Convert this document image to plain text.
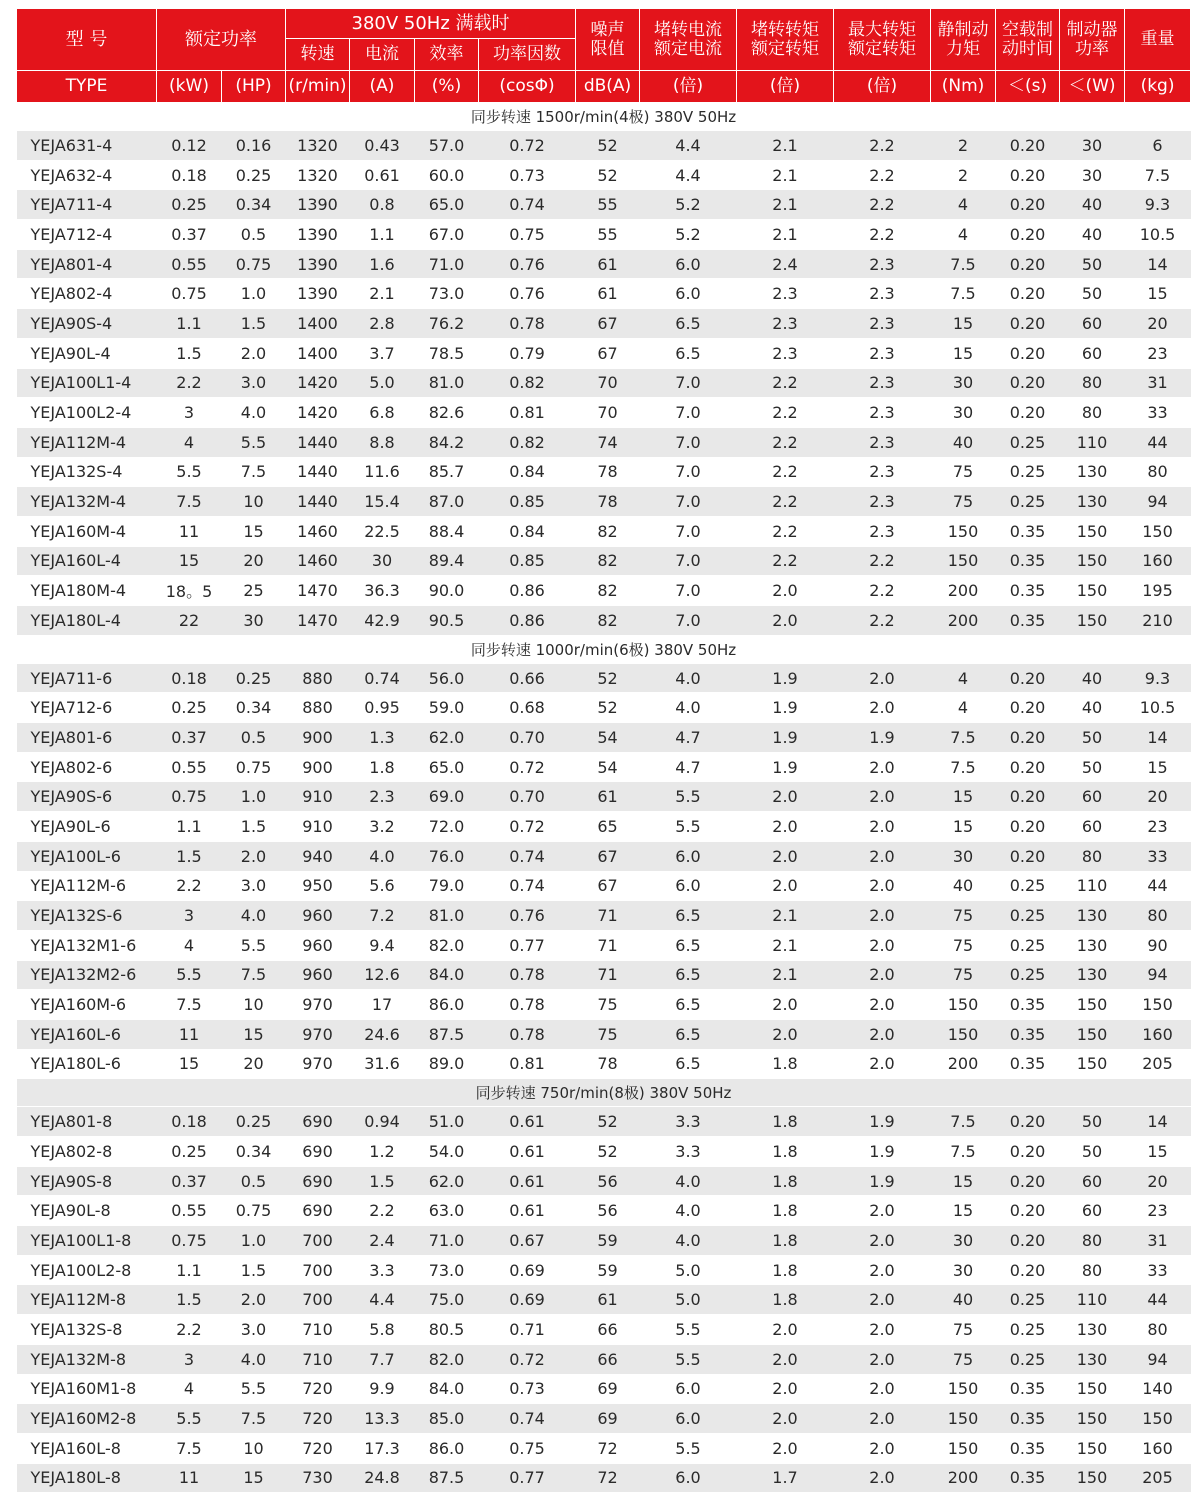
型 号	额定功率		380V 50Hz 满载时				噪声限值	堵转电流额定电流	堵转转矩额定转矩	最大转矩额定转矩	静制动力矩	空载制动时间	制动器功率	重量
			转速	电流	效率	功率因数								
TYPE	(kW)	(HP)	(r/min)	(A)	(%)	(cosΦ)	dB(A)	(倍)	(倍)	(倍)	(Nm)	＜(s)	＜(W)	(kg)
同步转速 1500r/min(4极) 380V 50Hz														
YEJA631-4	0.12	0.16	1320	0.43	57.0	0.72	52	4.4	2.1	2.2	2	0.20	30	6
YEJA632-4	0.18	0.25	1320	0.61	60.0	0.73	52	4.4	2.1	2.2	2	0.20	30	7.5
YEJA711-4	0.25	0.34	1390	0.8	65.0	0.74	55	5.2	2.1	2.2	4	0.20	40	9.3
YEJA712-4	0.37	0.5	1390	1.1	67.0	0.75	55	5.2	2.1	2.2	4	0.20	40	10.5
YEJA801-4	0.55	0.75	1390	1.6	71.0	0.76	61	6.0	2.4	2.3	7.5	0.20	50	14
YEJA802-4	0.75	1.0	1390	2.1	73.0	0.76	61	6.0	2.3	2.3	7.5	0.20	50	15
YEJA90S-4	1.1	1.5	1400	2.8	76.2	0.78	67	6.5	2.3	2.3	15	0.20	60	20
YEJA90L-4	1.5	2.0	1400	3.7	78.5	0.79	67	6.5	2.3	2.3	15	0.20	60	23
YEJA100L1-4	2.2	3.0	1420	5.0	81.0	0.82	70	7.0	2.2	2.3	30	0.20	80	31
YEJA100L2-4	3	4.0	1420	6.8	82.6	0.81	70	7.0	2.2	2.3	30	0.20	80	33
YEJA112M-4	4	5.5	1440	8.8	84.2	0.82	74	7.0	2.2	2.3	40	0.25	110	44
YEJA132S-4	5.5	7.5	1440	11.6	85.7	0.84	78	7.0	2.2	2.3	75	0.25	130	80
YEJA132M-4	7.5	10	1440	15.4	87.0	0.85	78	7.0	2.2	2.3	75	0.25	130	94
YEJA160M-4	11	15	1460	22.5	88.4	0.84	82	7.0	2.2	2.3	150	0.35	150	150
YEJA160L-4	15	20	1460	30	89.4	0.85	82	7.0	2.2	2.2	150	0.35	150	160
YEJA180M-4	18。5	25	1470	36.3	90.0	0.86	82	7.0	2.0	2.2	200	0.35	150	195
YEJA180L-4	22	30	1470	42.9	90.5	0.86	82	7.0	2.0	2.2	200	0.35	150	210
同步转速 1000r/min(6极) 380V 50Hz														
YEJA711-6	0.18	0.25	880	0.74	56.0	0.66	52	4.0	1.9	2.0	4	0.20	40	9.3
YEJA712-6	0.25	0.34	880	0.95	59.0	0.68	52	4.0	1.9	2.0	4	0.20	40	10.5
YEJA801-6	0.37	0.5	900	1.3	62.0	0.70	54	4.7	1.9	1.9	7.5	0.20	50	14
YEJA802-6	0.55	0.75	900	1.8	65.0	0.72	54	4.7	1.9	2.0	7.5	0.20	50	15
YEJA90S-6	0.75	1.0	910	2.3	69.0	0.70	61	5.5	2.0	2.0	15	0.20	60	20
YEJA90L-6	1.1	1.5	910	3.2	72.0	0.72	65	5.5	2.0	2.0	15	0.20	60	23
YEJA100L-6	1.5	2.0	940	4.0	76.0	0.74	67	6.0	2.0	2.0	30	0.20	80	33
YEJA112M-6	2.2	3.0	950	5.6	79.0	0.74	67	6.0	2.0	2.0	40	0.25	110	44
YEJA132S-6	3	4.0	960	7.2	81.0	0.76	71	6.5	2.1	2.0	75	0.25	130	80
YEJA132M1-6	4	5.5	960	9.4	82.0	0.77	71	6.5	2.1	2.0	75	0.25	130	90
YEJA132M2-6	5.5	7.5	960	12.6	84.0	0.78	71	6.5	2.1	2.0	75	0.25	130	94
YEJA160M-6	7.5	10	970	17	86.0	0.78	75	6.5	2.0	2.0	150	0.35	150	150
YEJA160L-6	11	15	970	24.6	87.5	0.78	75	6.5	2.0	2.0	150	0.35	150	160
YEJA180L-6	15	20	970	31.6	89.0	0.81	78	6.5	1.8	2.0	200	0.35	150	205
同步转速 750r/min(8极) 380V 50Hz														
YEJA801-8	0.18	0.25	690	0.94	51.0	0.61	52	3.3	1.8	1.9	7.5	0.20	50	14
YEJA802-8	0.25	0.34	690	1.2	54.0	0.61	52	3.3	1.8	1.9	7.5	0.20	50	15
YEJA90S-8	0.37	0.5	690	1.5	62.0	0.61	56	4.0	1.8	1.9	15	0.20	60	20
YEJA90L-8	0.55	0.75	690	2.2	63.0	0.61	56	4.0	1.8	2.0	15	0.20	60	23
YEJA100L1-8	0.75	1.0	700	2.4	71.0	0.67	59	4.0	1.8	2.0	30	0.20	80	31
YEJA100L2-8	1.1	1.5	700	3.3	73.0	0.69	59	5.0	1.8	2.0	30	0.20	80	33
YEJA112M-8	1.5	2.0	700	4.4	75.0	0.69	61	5.0	1.8	2.0	40	0.25	110	44
YEJA132S-8	2.2	3.0	710	5.8	80.5	0.71	66	5.5	2.0	2.0	75	0.25	130	80
YEJA132M-8	3	4.0	710	7.7	82.0	0.72	66	5.5	2.0	2.0	75	0.25	130	94
YEJA160M1-8	4	5.5	720	9.9	84.0	0.73	69	6.0	2.0	2.0	150	0.35	150	140
YEJA160M2-8	5.5	7.5	720	13.3	85.0	0.74	69	6.0	2.0	2.0	150	0.35	150	150
YEJA160L-8	7.5	10	720	17.3	86.0	0.75	72	5.5	2.0	2.0	150	0.35	150	160
YEJA180L-8	11	15	730	24.8	87.5	0.77	72	6.0	1.7	2.0	200	0.35	150	205
